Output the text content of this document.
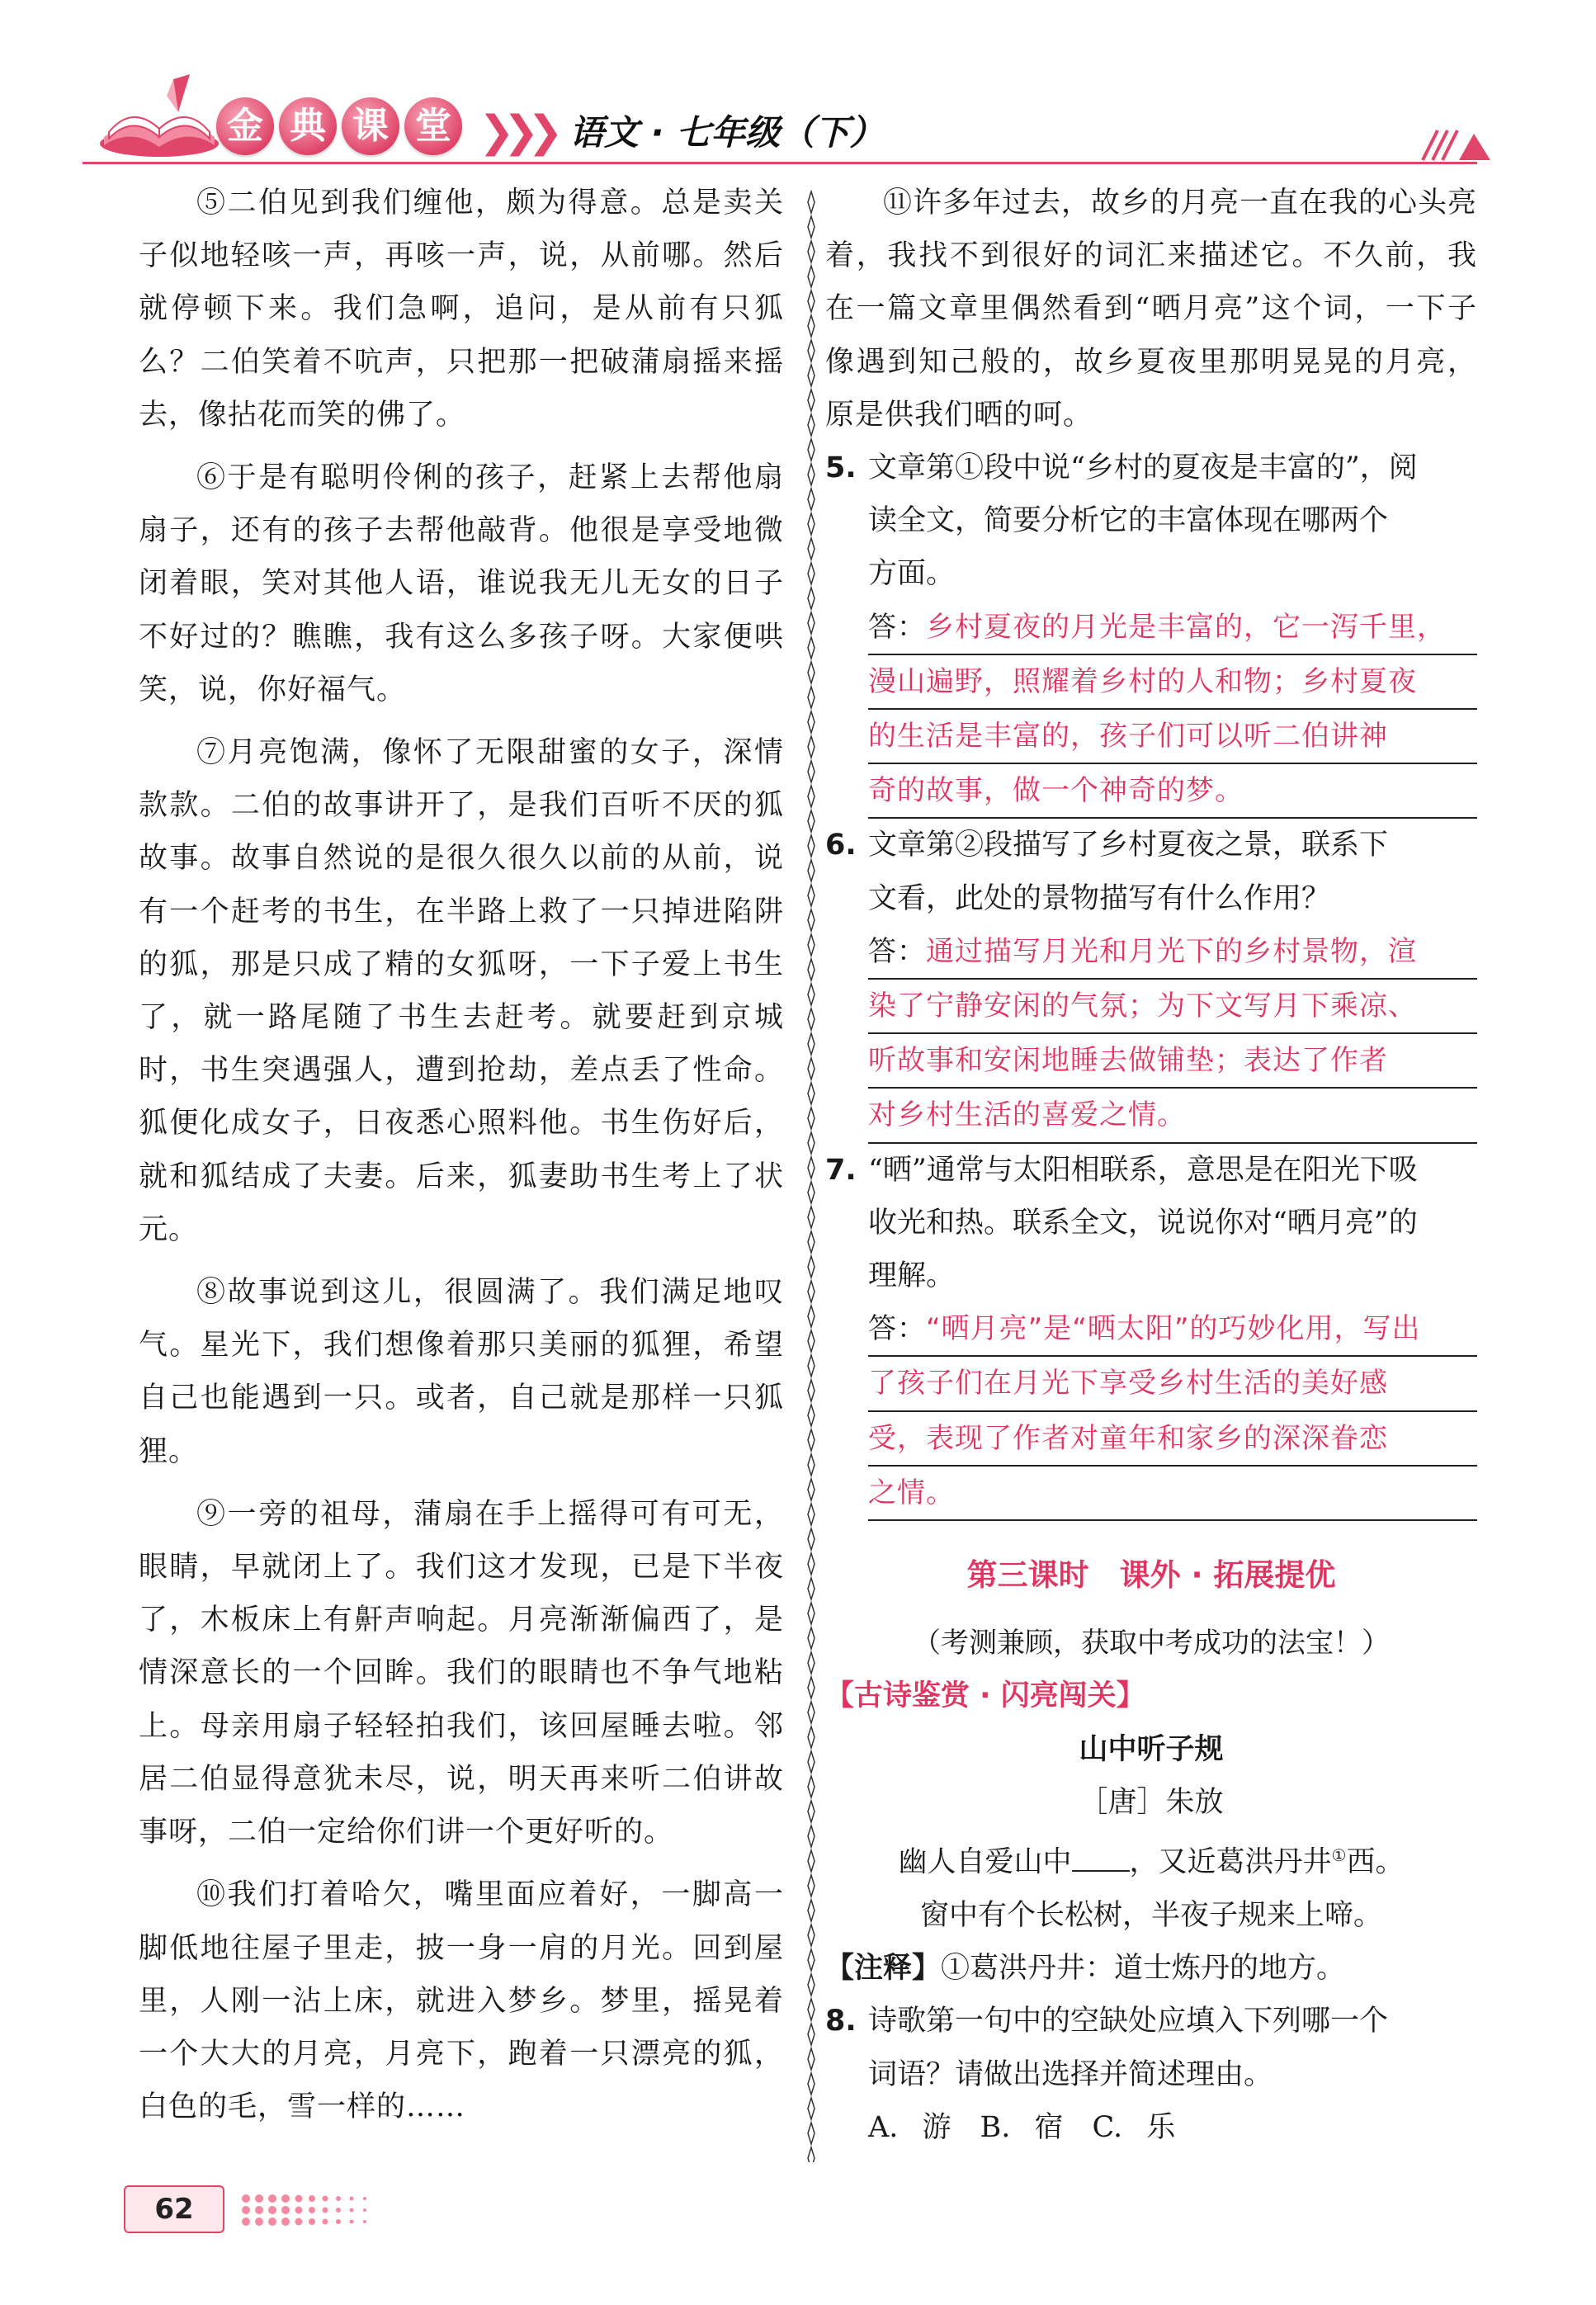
金 典 课 堂 ❯❯❯ 语文 · 七年级（下）

⑤二伯见到我们缠他，颇为得意。总是卖关子似地轻咳一声，再咳一声，说，从前哪。然后就停顿下来。我们急啊，追问，是从前有只狐么？二伯笑着不吭声，只把那一把破蒲扇摇来摇去，像拈花而笑的佛了。

⑥于是有聪明伶俐的孩子，赶紧上去帮他扇扇子，还有的孩子去帮他敲背。他很是享受地微闭着眼，笑对其他人语，谁说我无儿无女的日子不好过的？瞧瞧，我有这么多孩子呀。大家便哄笑，说，你好福气。

⑦月亮饱满，像怀了无限甜蜜的女子，深情款款。二伯的故事讲开了，是我们百听不厌的狐故事。故事自然说的是很久很久以前的从前，说有一个赶考的书生，在半路上救了一只掉进陷阱的狐，那是只成了精的女狐呀，一下子爱上书生了，就一路尾随了书生去赶考。就要赶到京城时，书生突遇强人，遭到抢劫，差点丢了性命。狐便化成女子，日夜悉心照料他。书生伤好后，就和狐结成了夫妻。后来，狐妻助书生考上了状元。

⑧故事说到这儿，很圆满了。我们满足地叹气。星光下，我们想像着那只美丽的狐狸，希望自己也能遇到一只。或者，自己就是那样一只狐狸。

⑨一旁的祖母，蒲扇在手上摇得可有可无，眼睛，早就闭上了。我们这才发现，已是下半夜了，木板床上有鼾声响起。月亮渐渐偏西了，是情深意长的一个回眸。我们的眼睛也不争气地粘上。母亲用扇子轻轻拍我们，该回屋睡去啦。邻居二伯显得意犹未尽，说，明天再来听二伯讲故事呀，二伯一定给你们讲一个更好听的。

⑩我们打着哈欠，嘴里面应着好，一脚高一脚低地往屋子里走，披一身一肩的月光。回到屋里，人刚一沾上床，就进入梦乡。梦里，摇晃着一个大大的月亮，月亮下，跑着一只漂亮的狐，白色的毛，雪一样的……

⑪许多年过去，故乡的月亮一直在我的心头亮着，我找不到很好的词汇来描述它。不久前，我在一篇文章里偶然看到“晒月亮”这个词，一下子像遇到知己般的，故乡夏夜里那明晃晃的月亮，原是供我们晒的呵。

5. 文章第①段中说“乡村的夏夜是丰富的”，阅
读全文，简要分析它的丰富体现在哪两个
方面。
答：乡村夏夜的月光是丰富的，它一泻千里，
漫山遍野，照耀着乡村的人和物；乡村夏夜
的生活是丰富的，孩子们可以听二伯讲神
奇的故事，做一个神奇的梦。
6. 文章第②段描写了乡村夏夜之景，联系下
文看，此处的景物描写有什么作用？
答：通过描写月光和月光下的乡村景物，渲
染了宁静安闲的气氛；为下文写月下乘凉、
听故事和安闲地睡去做铺垫；表达了作者
对乡村生活的喜爱之情。
7. “晒”通常与太阳相联系，意思是在阳光下吸
收光和热。联系全文，说说你对“晒月亮”的
理解。
答：“晒月亮”是“晒太阳”的巧妙化用，写出
了孩子们在月光下享受乡村生活的美好感
受，表现了作者对童年和家乡的深深眷恋
之情。
第三课时　课外 · 拓展提优

（考测兼顾，获取中考成功的法宝！）

【古诗鉴赏 · 闪亮闯关】

山中听子规

［唐］朱放

幽人自爱山中 ，又近葛洪丹井①西。

窗中有个长松树，半夜子规来上啼。

【注释】①葛洪丹井：道士炼丹的地方。

8. 诗歌第一句中的空缺处应填入下列哪一个
词语？请做出选择并简述理由。

A. 游　B. 宿　C. 乐

62
